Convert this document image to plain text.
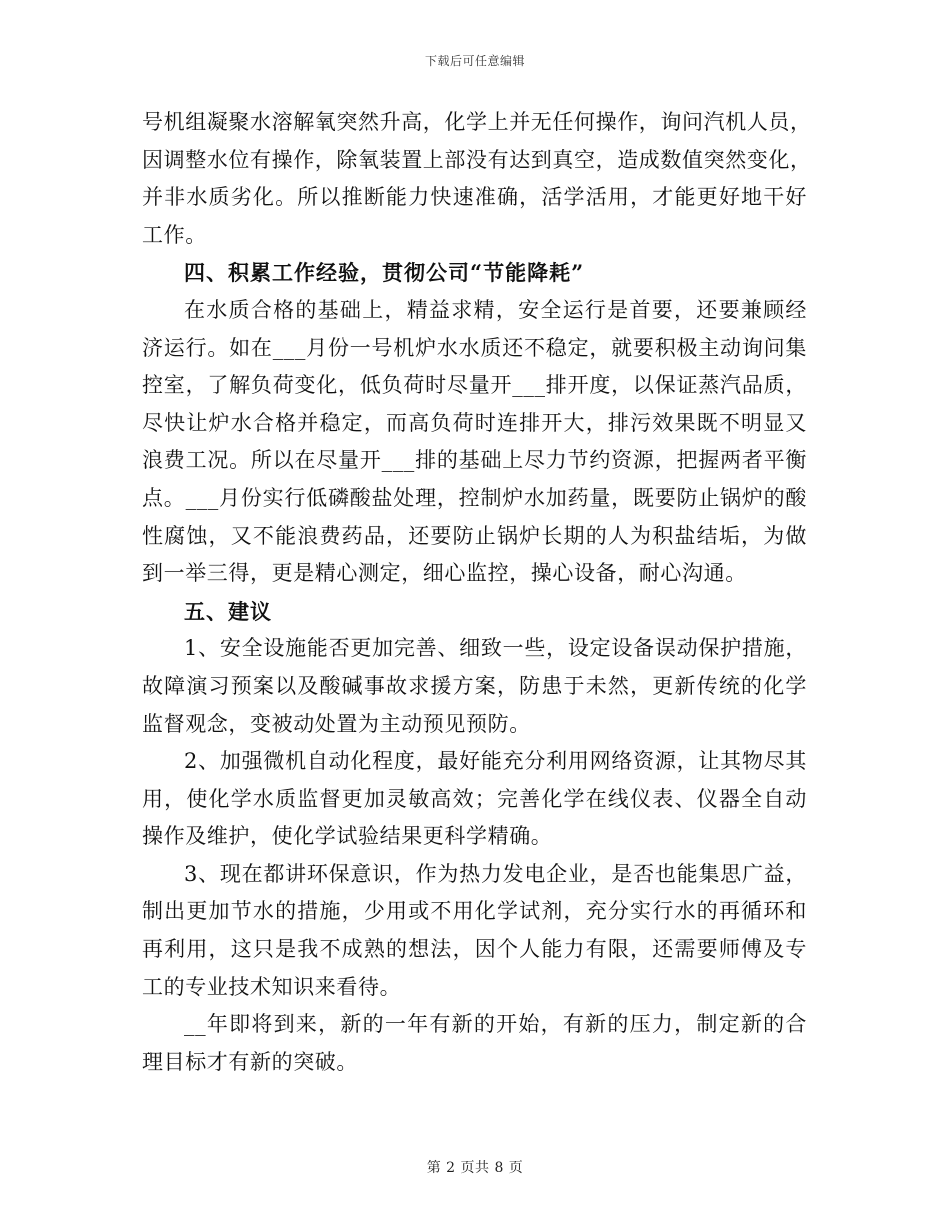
下载后可任意编辑
号机组凝聚水溶解氧突然升高，化学上并无任何操作，询问汽机人员，
因调整水位有操作，除氧装置上部没有达到真空，造成数值突然变化，
并非水质劣化。所以推断能力快速准确，活学活用，才能更好地干好
工作。
四、积累工作经验，贯彻公司“节能降耗”
在水质合格的基础上，精益求精，安全运行是首要，还要兼顾经
济运行。如在___月份一号机炉水水质还不稳定，就要积极主动询问集
控室，了解负荷变化，低负荷时尽量开___排开度，以保证蒸汽品质，
尽快让炉水合格并稳定，而高负荷时连排开大，排污效果既不明显又
浪费工况。所以在尽量开___排的基础上尽力节约资源，把握两者平衡
点。___月份实行低磷酸盐处理，控制炉水加药量，既要防止锅炉的酸
性腐蚀，又不能浪费药品，还要防止锅炉长期的人为积盐结垢，为做
到一举三得，更是精心测定，细心监控，操心设备，耐心沟通。
五、建议
1、安全设施能否更加完善、细致一些，设定设备误动保护措施，
故障演习预案以及酸碱事故求援方案，防患于未然，更新传统的化学
监督观念，变被动处置为主动预见预防。
2、加强微机自动化程度，最好能充分利用网络资源，让其物尽其
用，使化学水质监督更加灵敏高效；完善化学在线仪表、仪器全自动
操作及维护，使化学试验结果更科学精确。
3、现在都讲环保意识，作为热力发电企业，是否也能集思广益，
制出更加节水的措施，少用或不用化学试剂，充分实行水的再循环和
再利用，这只是我不成熟的想法，因个人能力有限，还需要师傅及专
工的专业技术知识来看待。
__年即将到来，新的一年有新的开始，有新的压力，制定新的合
理目标才有新的突破。
第 2 页共 8 页
